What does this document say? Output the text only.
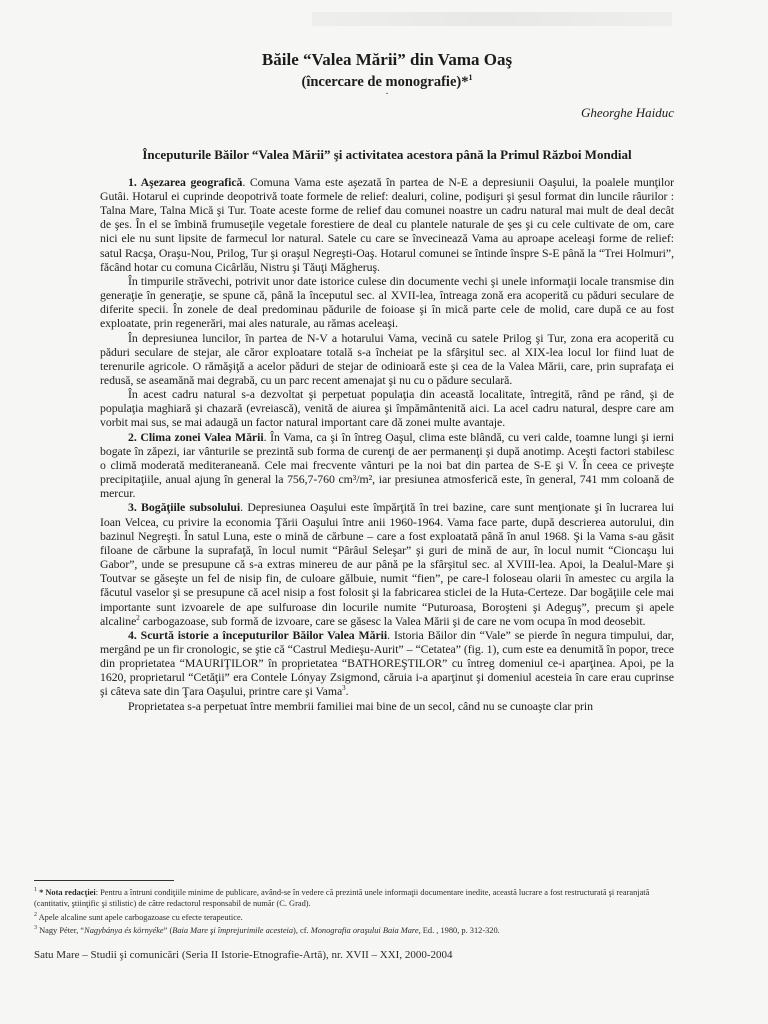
Băile “Valea Mării” din Vama Oaş

(încercare de monografie)*$^1$

·

Gheorghe Haiduc

Începuturile Băilor “Valea Mării” şi activitatea acestora până la Primul Război Mondial

1. Aşezarea geografică. Comuna Vama este aşezată în partea de N-E a depresiunii Oaşului, la poalele munţilor Gutâi. Hotarul ei cuprinde deopotrivă toate formele de relief: dealuri, coline, podişuri şi şesul format din luncile râurilor : Talna Mare, Talna Mică şi Tur. Toate aceste forme de relief dau comunei noastre un cadru natural mai mult de deal decât de şes. În el se îmbină frumuseţile vegetale forestiere de deal cu plantele naturale de şes şi cu cele cultivate de om, care nici ele nu sunt lipsite de farmecul lor natural. Satele cu care se învecinează Vama au aproape aceleaşi forme de relief: satul Racşa, Oraşu-Nou, Prilog, Tur şi oraşul Negreşti-Oaş. Hotarul comunei se întinde înspre S-E până la “Trei Holmuri”, făcând hotar cu comuna Cicârlău, Nistru şi Tăuţi Măgheruş.

În timpurile străvechi, potrivit unor date istorice culese din documente vechi şi unele informaţii locale transmise din generaţie în generaţie, se spune că, până la începutul sec. al XVII-lea, întreaga zonă era acoperită cu păduri seculare de diferite specii. În zonele de deal predominau pădurile de foioase şi în mică parte cele de molid, care după ce au fost exploatate, prin regenerări, mai ales naturale, au rămas aceleaşi.

În depresiunea luncilor, în partea de N-V a hotarului Vama, vecină cu satele Prilog şi Tur, zona era acoperită cu păduri seculare de stejar, ale căror exploatare totală s-a încheiat pe la sfârşitul sec. al XIX-lea locul lor fiind luat de terenurile agricole. O rămăşiţă a acelor păduri de stejar de odinioară este şi cea de la Valea Mării, care, prin suprafaţa ei redusă, se aseamănă mai degrabă, cu un parc recent amenajat şi nu cu o pădure seculară.

În acest cadru natural s-a dezvoltat şi perpetuat populaţia din această localitate, întregită, rând pe rând, şi de populaţia maghiară şi chazară (evreiască), venită de aiurea şi împământenită aici. La acel cadru natural, despre care am vorbit mai sus, se mai adaugă un factor natural important care dă zonei multe avantaje.

2. Clima zonei Valea Mării. În Vama, ca şi în întreg Oaşul, clima este blândă, cu veri calde, toamne lungi şi ierni bogate în zăpezi, iar vânturile se prezintă sub forma de curenţi de aer permanenţi şi după anotimp. Aceşti factori stabilesc o climă moderată mediteraneană. Cele mai frecvente vânturi pe la noi bat din partea de S-E şi V. În ceea ce priveşte precipitaţiile, anual ajung în general la 756,7-760 cm³/m², iar presiunea atmosferică este, în general, 741 mm coloană de mercur.

3. Bogăţiile subsolului. Depresiunea Oaşului este împărţită în trei bazine, care sunt menţionate şi în lucrarea lui Ioan Velcea, cu privire la economia Ţării Oaşului între anii 1960-1964. Vama face parte, după descrierea autorului, din bazinul Negreşti. În satul Luna, este o mină de cărbune – care a fost exploatată până în anul 1968. Şi la Vama s-au găsit filoane de cărbune la suprafaţă, în locul numit “Pârâul Seleşar” şi guri de mină de aur, în locul numit “Cioncaşu lui Gabor”, unde se presupune că s-a extras minereu de aur până pe la sfârşitul sec. al XVIII-lea. Apoi, la Dealul-Mare şi Toutvar se găseşte un fel de nisip fin, de culoare gălbuie, numit “fien”, pe care-l foloseau olarii în amestec cu argila la făcutul vaselor şi se presupune că acel nisip a fost folosit şi la fabricarea sticlei de la Huta-Certeze. Dar bogăţiile cele mai importante sunt izvoarele de ape sulfuroase din locurile numite “Puturoasa, Boroşteni şi Adeguş”, precum şi apele alcaline$^2$ carbogazoase, sub formă de izvoare, care se găsesc la Valea Mării şi de care ne vom ocupa în mod deosebit.

4. Scurtă istorie a începuturilor Băilor Valea Mării. Istoria Băilor din “Vale” se pierde în negura timpului, dar, mergând pe un fir cronologic, se ştie că “Castrul Medieşu-Aurit” – “Cetatea” (fig. 1), cum este ea denumită în popor, trece din proprietatea “MAURIŢILOR” în proprietatea “BATHOREŞTILOR” cu întreg domeniul ce-i aparţinea. Apoi, pe la 1620, proprietarul “Cetăţii” era Contele Lónyay Zsigmond, căruia i-a aparţinut şi domeniul acesteia în care erau cuprinse şi câteva sate din Ţara Oaşului, printre care şi Vama$^3$.

Proprietatea s-a perpetuat între membrii familiei mai bine de un secol, când nu se cunoaşte clar prin

$^1$ * Nota redacţiei: Pentru a întruni condiţiile minime de publicare, având-se în vedere că prezintă unele informaţii documentare inedite, această lucrare a fost restructurată şi rearanjată (cantitativ, ştiinţific şi stilistic) de către redactorul responsabil de număr (C. Grad).

$^2$ Apele alcaline sunt apele carbogazoase cu efecte terapeutice.

$^3$ Nagy Péter, “Nagybánya és környéke” (Baia Mare şi împrejurimile acesteia), cf. Monografia oraşului Baia Mare, Ed. , 1980, p. 312-320.

Satu Mare – Studii şi comunicări (Seria II Istorie-Etnografie-Artă), nr. XVII – XXI, 2000-2004
